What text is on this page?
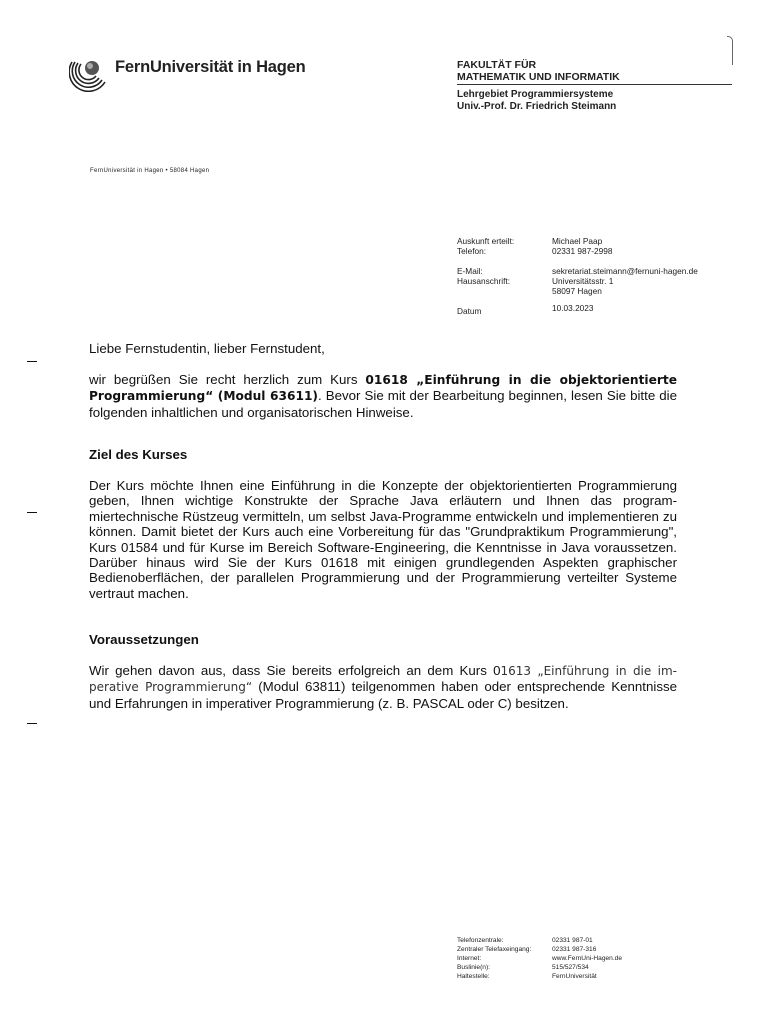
FernUniversität in Hagen	FAKULTÄT FÜR
MATHEMATIK UND INFORMATIK
Lehrgebiet Programmiersysteme
Univ.-Prof. Dr. Friedrich Steimann
FernUniversität in Hagen • 58084 Hagen
Auskunft erteilt:	Michael Paap
Telefon:	02331 987-2998
E-Mail:	sekretariat.steimann@fernuni-hagen.de
Hausanschrift:	Universitätsstr. 1
58097 Hagen
Datum	10.03.2023
Liebe Fernstudentin, lieber Fernstudent,
wir begrüßen Sie recht herzlich zum Kurs 01618 „Einführung in die objektorientierte Programmierung“ (Modul 63611). Bevor Sie mit der Bearbeitung beginnen, lesen Sie bitte die folgenden inhaltlichen und organisatorischen Hinweise.
Ziel des Kurses
Der Kurs möchte Ihnen eine Einführung in die Konzepte der objektorientierten Programmierung geben, Ihnen wichtige Konstrukte der Sprache Java erläutern und Ihnen das programmiertechnische Rüstzeug vermitteln, um selbst Java-Programme entwickeln und implementieren zu können. Damit bietet der Kurs auch eine Vorbereitung für das "Grundpraktikum Programmierung", Kurs 01584 und für Kurse im Bereich Software-Engineering, die Kenntnisse in Java voraussetzen. Darüber hinaus wird Sie der Kurs 01618 mit einigen grundlegenden Aspekten graphischer Bedienoberflächen, der parallelen Programmierung und der Programmierung verteilter Systeme vertraut machen.
Voraussetzungen
Wir gehen davon aus, dass Sie bereits erfolgreich an dem Kurs 01613 „Einführung in die imperative Programmierung“ (Modul 63811) teilgenommen haben oder entsprechende Kenntnisse und Erfahrungen in imperativer Programmierung (z. B. PASCAL oder C) besitzen.
Telefonzentrale:	02331 987-01
Zentraler Telefaxeingang:	02331 987-316
Internet:	www.FernUni-Hagen.de
Buslinie(n):	515/527/534
Haltestelle:	FernUniversität
